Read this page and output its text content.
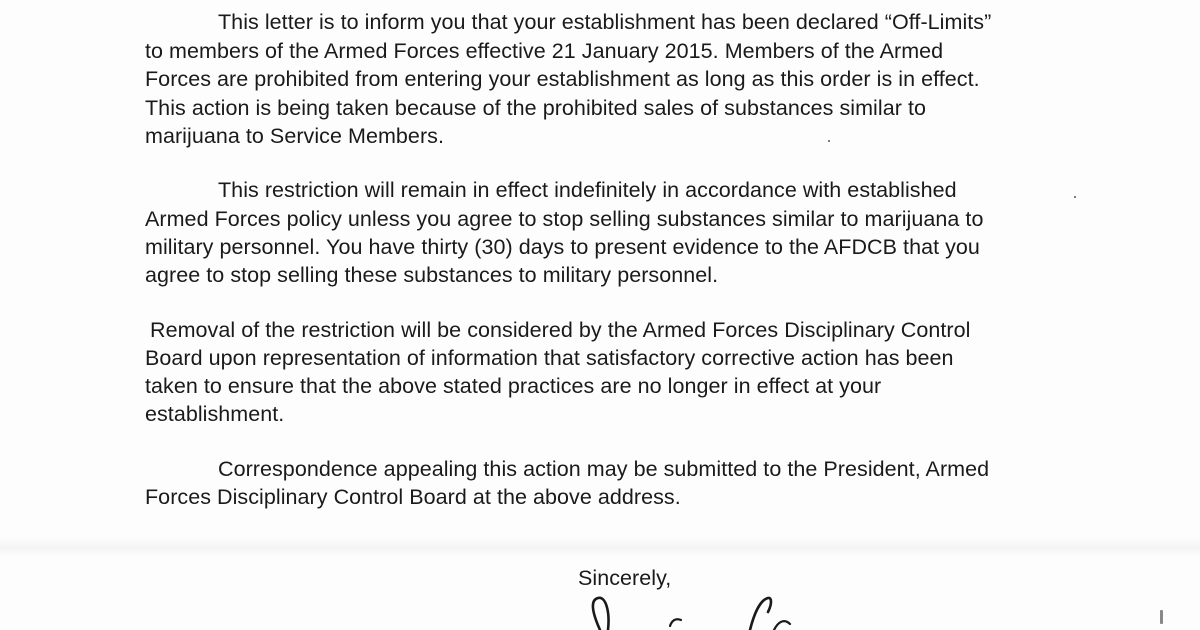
This letter is to inform you that your establishment has been declared “Off-Limits”
to members of the Armed Forces effective 21 January 2015. Members of the Armed
Forces are prohibited from entering your establishment as long as this order is in effect.
This action is being taken because of the prohibited sales of substances similar to
marijuana to Service Members.
This restriction will remain in effect indefinitely in accordance with established
Armed Forces policy unless you agree to stop selling substances similar to marijuana to
military personnel. You have thirty (30) days to present evidence to the AFDCB that you
agree to stop selling these substances to military personnel.
Removal of the restriction will be considered by the Armed Forces Disciplinary Control
Board upon representation of information that satisfactory corrective action has been
taken to ensure that the above stated practices are no longer in effect at your
establishment.
Correspondence appealing this action may be submitted to the President, Armed
Forces Disciplinary Control Board at the above address.
Sincerely,
